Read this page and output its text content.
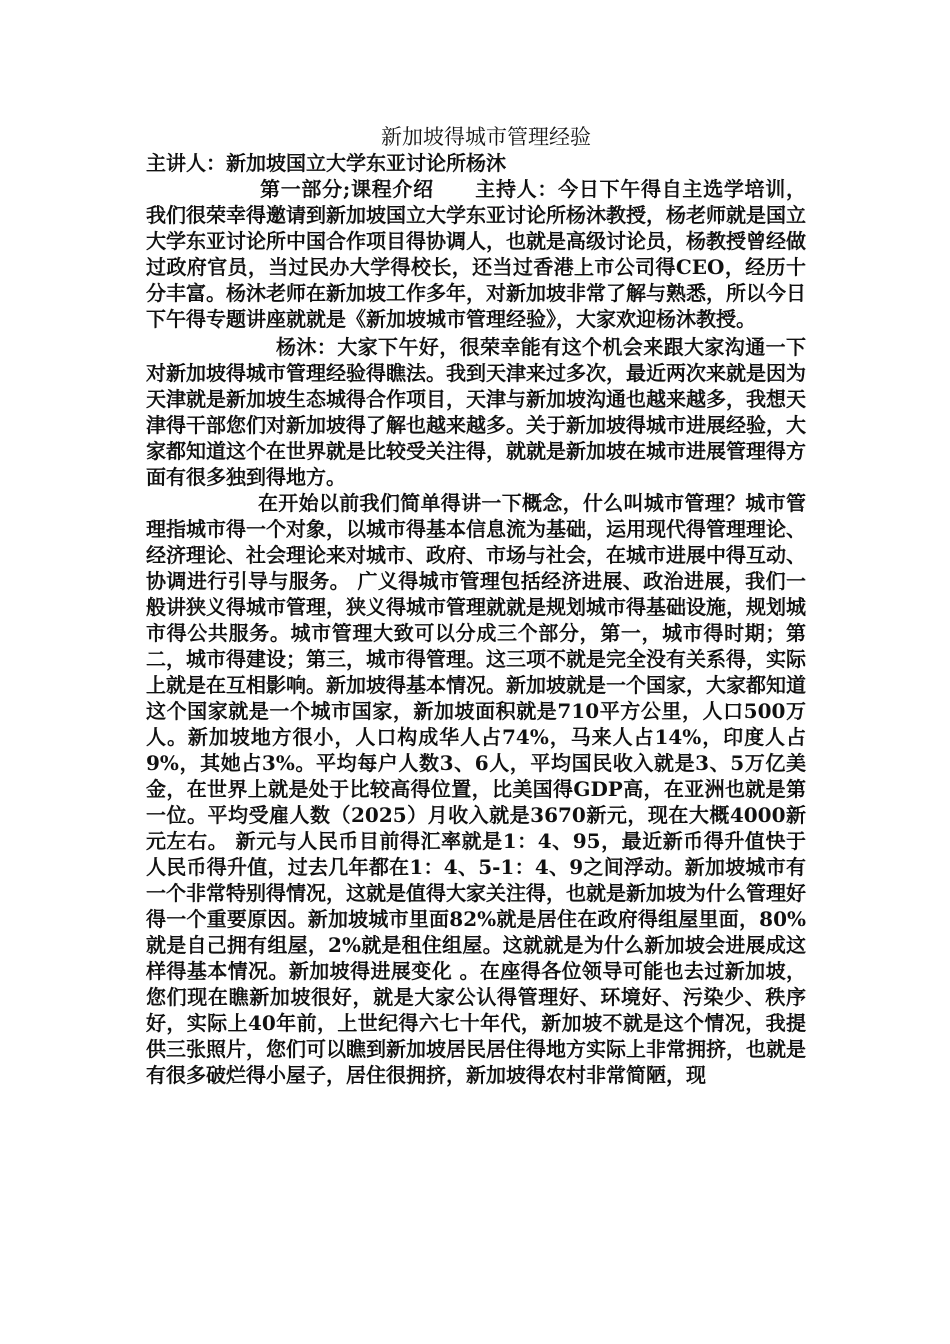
新加坡得城市管理经验

主讲人：新加坡国立大学东亚讨论所杨沐

第一部分;课程介绍　　主持人：今日下午得自主选学培训，我们很荣幸得邀请到新加坡国立大学东亚讨论所杨沐教授，杨老师就是国立大学东亚讨论所中国合作项目得协调人，也就是高级讨论员，杨教授曾经做过政府官员，当过民办大学得校长，还当过香港上市公司得CEO，经历十分丰富。杨沐老师在新加坡工作多年，对新加坡非常了解与熟悉，所以今日下午得专题讲座就就是《新加坡城市管理经验》，大家欢迎杨沐教授。

杨沐：大家下午好，很荣幸能有这个机会来跟大家沟通一下对新加坡得城市管理经验得瞧法。我到天津来过多次，最近两次来就是因为天津就是新加坡生态城得合作项目，天津与新加坡沟通也越来越多，我想天津得干部您们对新加坡得了解也越来越多。关于新加坡得城市进展经验，大家都知道这个在世界就是比较受关注得，就就是新加坡在城市进展管理得方面有很多独到得地方。

在开始以前我们简单得讲一下概念，什么叫城市管理？城市管理指城市得一个对象，以城市得基本信息流为基础，运用现代得管理理论、经济理论、社会理论来对城市、政府、市场与社会，在城市进展中得互动、协调进行引导与服务。 广义得城市管理包括经济进展、政治进展，我们一般讲狭义得城市管理，狭义得城市管理就就是规划城市得基础设施，规划城市得公共服务。城市管理大致可以分成三个部分，第一，城市得时期；第二，城市得建设；第三，城市得管理。这三项不就是完全没有关系得，实际上就是在互相影响。新加坡得基本情况。新加坡就是一个国家，大家都知道这个国家就是一个城市国家，新加坡面积就是710平方公里，人口500万人。新加坡地方很小，人口构成华人占74%，马来人占14%，印度人占9%，其她占3%。平均每户人数3、6人，平均国民收入就是3、5万亿美金，在世界上就是处于比较高得位置，比美国得GDP高，在亚洲也就是第一位。平均受雇人数（2025）月收入就是3670新元，现在大概4000新元左右。 新元与人民币目前得汇率就是1：4、95，最近新币得升值快于人民币得升值，过去几年都在1：4、5-1：4、9之间浮动。新加坡城市有一个非常特别得情况，这就是值得大家关注得，也就是新加坡为什么管理好得一个重要原因。新加坡城市里面82%就是居住在政府得组屋里面，80%就是自己拥有组屋，2%就是租住组屋。这就就是为什么新加坡会进展成这样得基本情况。新加坡得进展变化 。在座得各位领导可能也去过新加坡，您们现在瞧新加坡很好，就是大家公认得管理好、环境好、污染少、秩序好，实际上40年前，上世纪得六七十年代，新加坡不就是这个情况，我提供三张照片，您们可以瞧到新加坡居民居住得地方实际上非常拥挤，也就是有很多破烂得小屋子，居住很拥挤，新加坡得农村非常简陋，现
